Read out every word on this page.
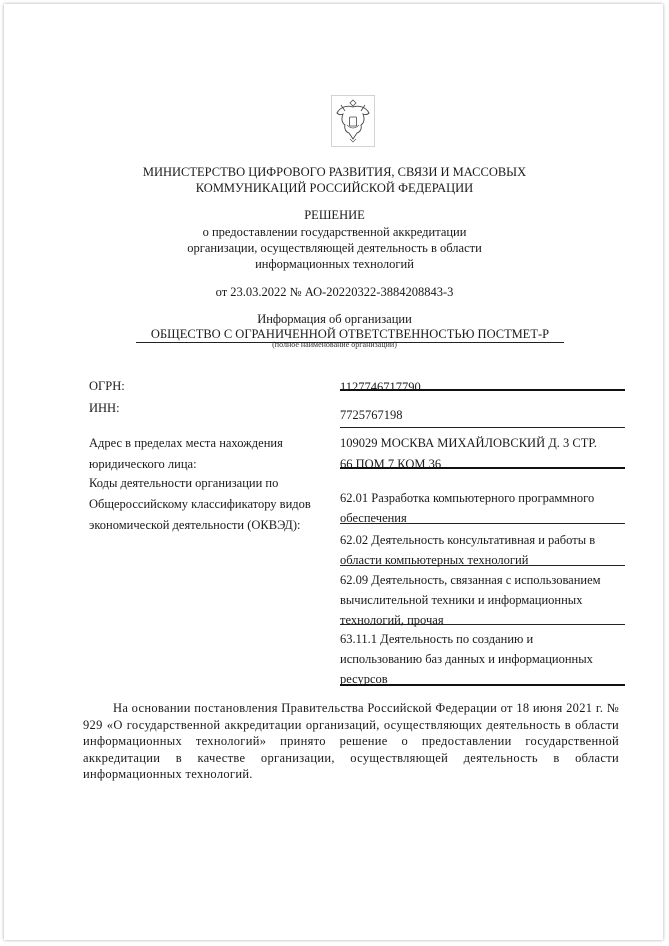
МИНИСТЕРСТВО ЦИФРОВОГО РАЗВИТИЯ, СВЯЗИ И МАССОВЫХ
КОММУНИКАЦИЙ РОССИЙСКОЙ ФЕДЕРАЦИИ
РЕШЕНИЕ
о предоставлении государственной аккредитации
организации, осуществляющей деятельность в области
информационных технологий
от 23.03.2022 № АО-20220322-3884208843-3
Информация об организации
ОБЩЕСТВО С ОГРАНИЧЕННОЙ ОТВЕТСТВЕННОСТЬЮ ПОСТМЕТ-Р
(полное наименование организации)
ОГРН:	1127746717790
ИНН:	7725767198
Адрес в пределах места нахождения
юридического лица:
109029 МОСКВА МИХАЙЛОВСКИЙ Д. 3 СТР.
66 ПОМ 7 КОМ 36
Коды деятельности организации по
Общероссийскому классификатору видов
экономической деятельности (ОКВЭД):
62.01 Разработка компьютерного программного
обеспечения
62.02 Деятельность консультативная и работы в
области компьютерных технологий
62.09 Деятельность, связанная с использованием
вычислительной техники и информационных
технологий, прочая
63.11.1 Деятельность по созданию и
использованию баз данных и информационных
ресурсов
На основании постановления Правительства Российской Федерации от 18 июня 2021 г. № 929 «О государственной аккредитации организаций, осуществляющих деятельность в области информационных технологий» принято решение о предоставлении государственной аккредитации в качестве организации, осуществляющей деятельность в области информационных технологий.
